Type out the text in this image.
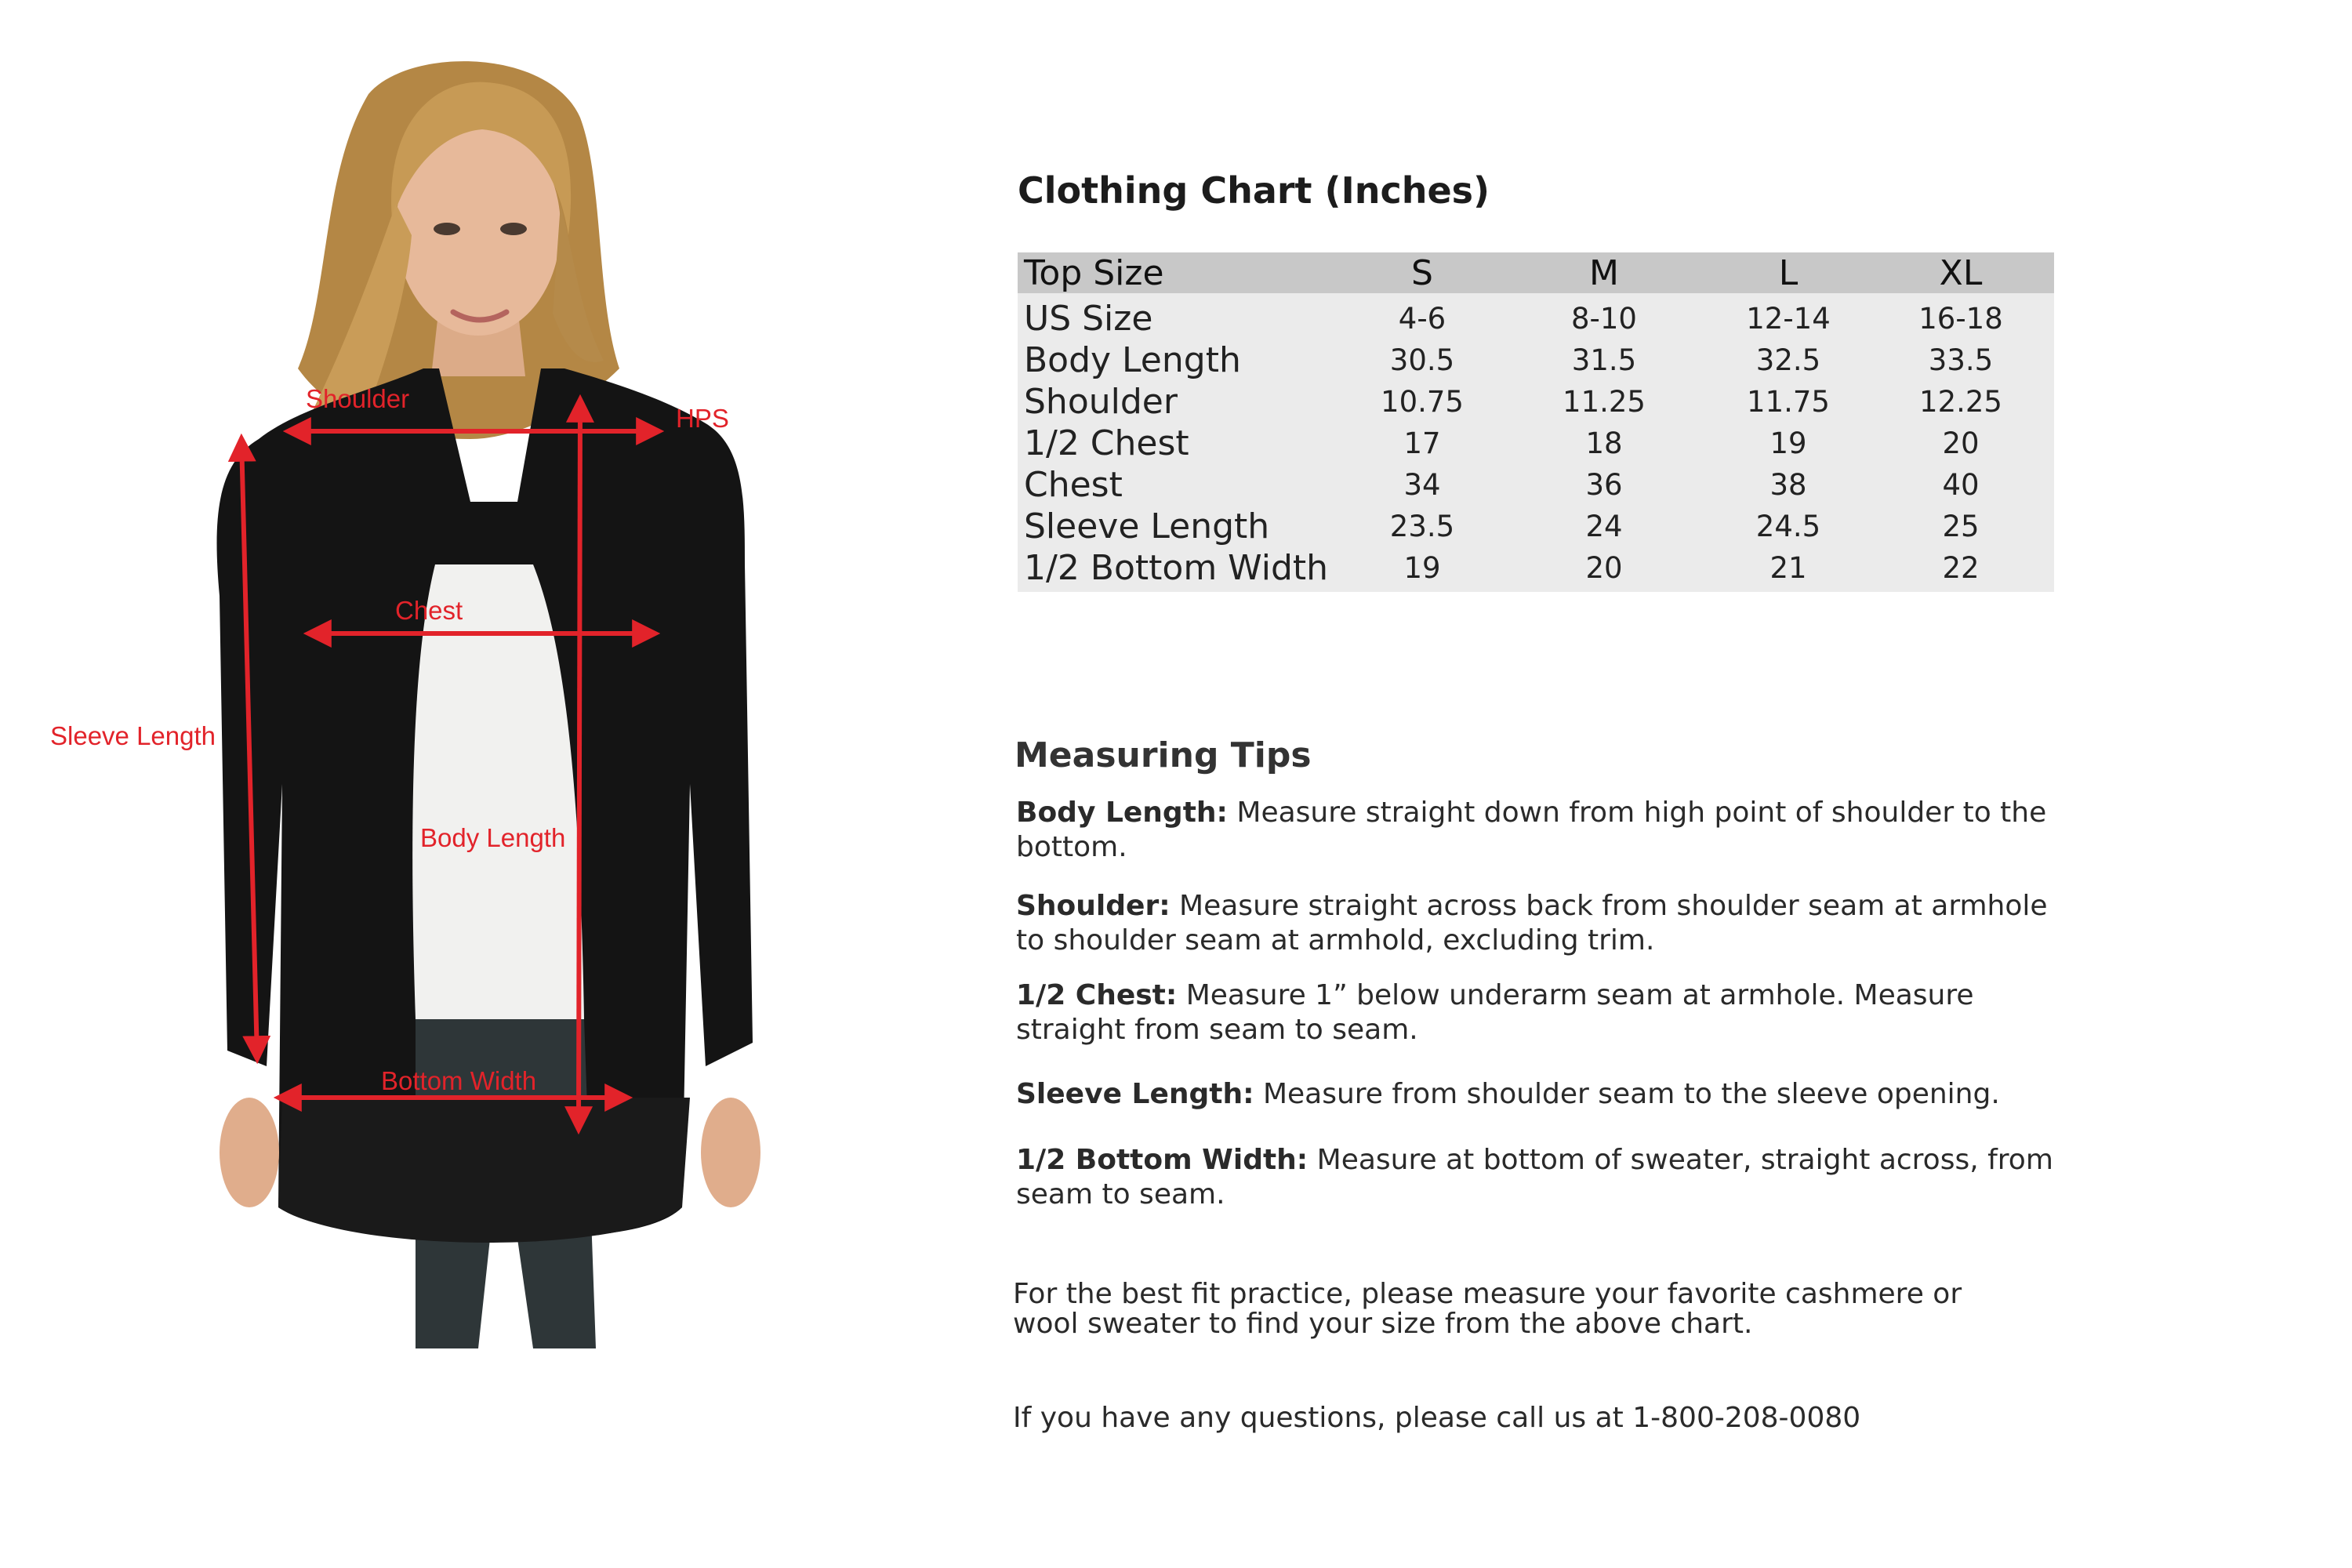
Shoulder
HPS
Chest
Sleeve Length
Body Length
Bottom Width
Clothing Chart (Inches)
Top Size	S	M	L	XL
US Size	4-6	8-10	12-14	16-18
Body Length	30.5	31.5	32.5	33.5
Shoulder	10.75	11.25	11.75	12.25
1/2 Chest	17	18	19	20
Chest	34	36	38	40
Sleeve Length	23.5	24	24.5	25
1/2 Bottom Width	19	20	21	22
Measuring Tips

Body Length: Measure straight down from high point of shoulder to the bottom.

Shoulder: Measure straight across back from shoulder seam at armhole to shoulder seam at armhold, excluding trim.

1/2 Chest: Measure 1” below underarm seam at armhole. Measure straight from seam to seam.

Sleeve Length: Measure from shoulder seam to the sleeve opening.

1/2 Bottom Width: Measure at bottom of sweater, straight across, from seam to seam.

For the best fit practice, please measure your favorite cashmere or wool sweater to find your size from the above chart.

If you have any questions, please call us at 1-800-208-0080
